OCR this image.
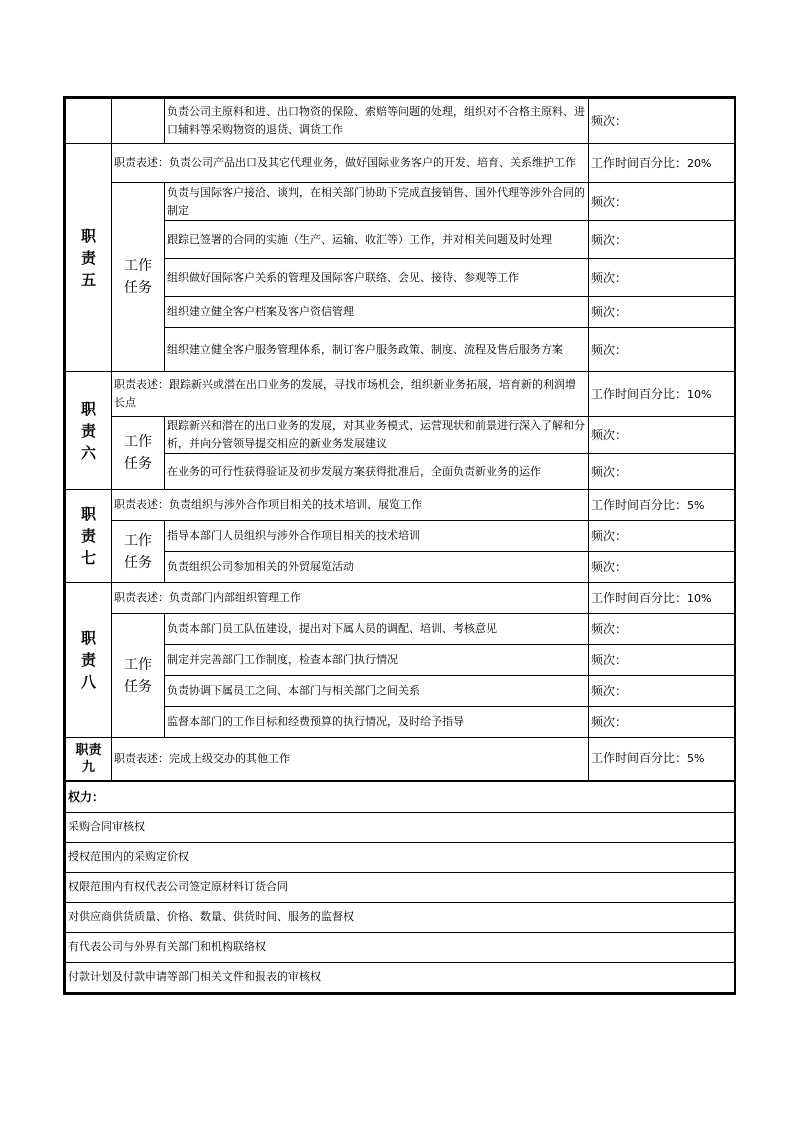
		负责公司主原料和进、出口物资的保险、索赔等问题的处理，组织对不合格主原料、进口辅料等采购物资的退货、调货工作	频次：
职责五	职责表述：负责公司产品出口及其它代理业务，做好国际业务客户的开发、培育、关系维护工作		工作时间百分比：20%
	工作任务	负责与国际客户接洽、谈判，在相关部门协助下完成直接销售、国外代理等涉外合同的制定	频次：
		跟踪已签署的合同的实施（生产、运输、收汇等）工作，并对相关问题及时处理	频次：
		组织做好国际客户关系的管理及国际客户联络、会见、接待、参观等工作	频次：
		组织建立健全客户档案及客户资信管理	频次：
		组织建立健全客户服务管理体系，制订客户服务政策、制度、流程及售后服务方案	频次：
职责六	职责表述：跟踪新兴或潜在出口业务的发展，寻找市场机会，组织新业务拓展，培育新的利润增长点		工作时间百分比：10%
	工作任务	跟踪新兴和潜在的出口业务的发展，对其业务模式、运营现状和前景进行深入了解和分析，并向分管领导提交相应的新业务发展建议	频次：
		在业务的可行性获得验证及初步发展方案获得批准后，全面负责新业务的运作	频次：
职责七	职责表述：负责组织与涉外合作项目相关的技术培训、展览工作		工作时间百分比：5%
	工作任务	指导本部门人员组织与涉外合作项目相关的技术培训	频次：
		负责组织公司参加相关的外贸展览活动	频次：
职责八	职责表述：负责部门内部组织管理工作		工作时间百分比：10%
	工作任务	负责本部门员工队伍建设，提出对下属人员的调配、培训、考核意见	频次：
		制定并完善部门工作制度，检查本部门执行情况	频次：
		负责协调下属员工之间、本部门与相关部门之间关系	频次：
		监督本部门的工作目标和经费预算的执行情况，及时给予指导	频次：
职责九	职责表述：完成上级交办的其他工作		工作时间百分比：5%
权力：			
采购合同审核权			
授权范围内的采购定价权			
权限范围内有权代表公司签定原材料订货合同			
对供应商供货质量、价格、数量、供货时间、服务的监督权			
有代表公司与外界有关部门和机构联络权			
付款计划及付款申请等部门相关文件和报表的审核权			
